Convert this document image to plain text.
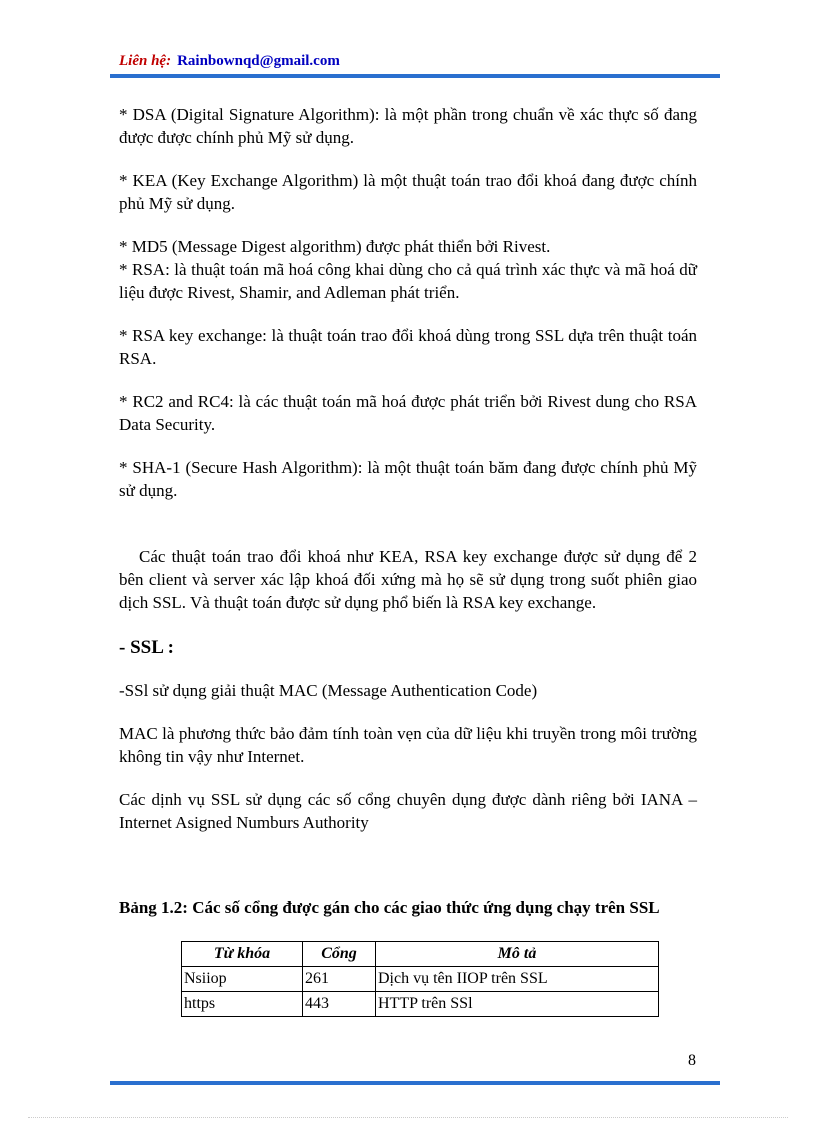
Liên hệ: Rainbownqd@gmail.com

* DSA (Digital Signature Algorithm): là một phần trong chuẩn về xác thực số đang được được chính phủ Mỹ sử dụng.

* KEA (Key Exchange Algorithm) là một thuật toán trao đổi khoá đang được chính phủ Mỹ sử dụng.

* MD5 (Message Digest algorithm) được phát thiển bởi Rivest.

* RSA: là thuật toán mã hoá công khai dùng cho cả quá trình xác thực và mã hoá dữ liệu được Rivest, Shamir, and Adleman phát triển.

* RSA key exchange: là thuật toán trao đổi khoá dùng trong SSL dựa trên thuật toán RSA.

* RC2 and RC4: là các thuật toán mã hoá được phát triển bởi Rivest dung cho RSA Data Security.

* SHA-1 (Secure Hash Algorithm): là một thuật toán băm đang được chính phủ Mỹ sử dụng.

Các thuật toán trao đổi khoá như KEA, RSA key exchange được sử dụng để 2 bên client và server xác lập khoá đối xứng mà họ sẽ sử dụng trong suốt phiên giao dịch SSL. Và thuật toán được sử dụng phổ biến là RSA key exchange.

- SSL :

-SSl sử dụng giải thuật MAC (Message Authentication Code)

MAC là phương thức bảo đảm tính toàn vẹn của dữ liệu khi truyền trong môi trường không tin vậy như Internet.

Các dịnh vụ SSL sử dụng các số cổng chuyên dụng được dành riêng bởi IANA – Internet Asigned Numburs Authority

Bảng 1.2: Các số cổng được gán cho các giao thức ứng dụng chạy trên SSL
Từ khóa	Cổng	Mô tả
Nsiiop	261	Dịch vụ tên IIOP trên SSL
https	443	HTTP trên SSl
8
